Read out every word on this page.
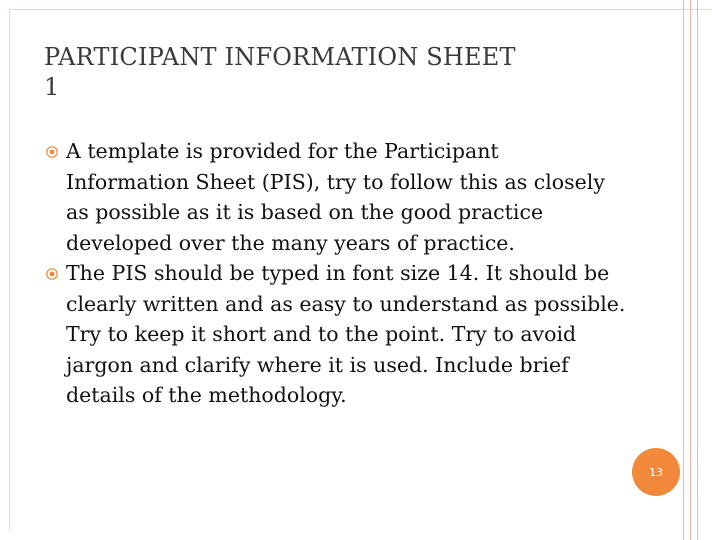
PARTICIPANT INFORMATION SHEET
1
A template is provided for the Participant Information Sheet (PIS), try to follow this as closely as possible as it is based on the good practice developed over the many years of practice.
The PIS should be typed in font size 14. It should be clearly written and as easy to understand as possible. Try to keep it short and to the point. Try to avoid jargon and clarify where it is used. Include brief details of the methodology.
13
